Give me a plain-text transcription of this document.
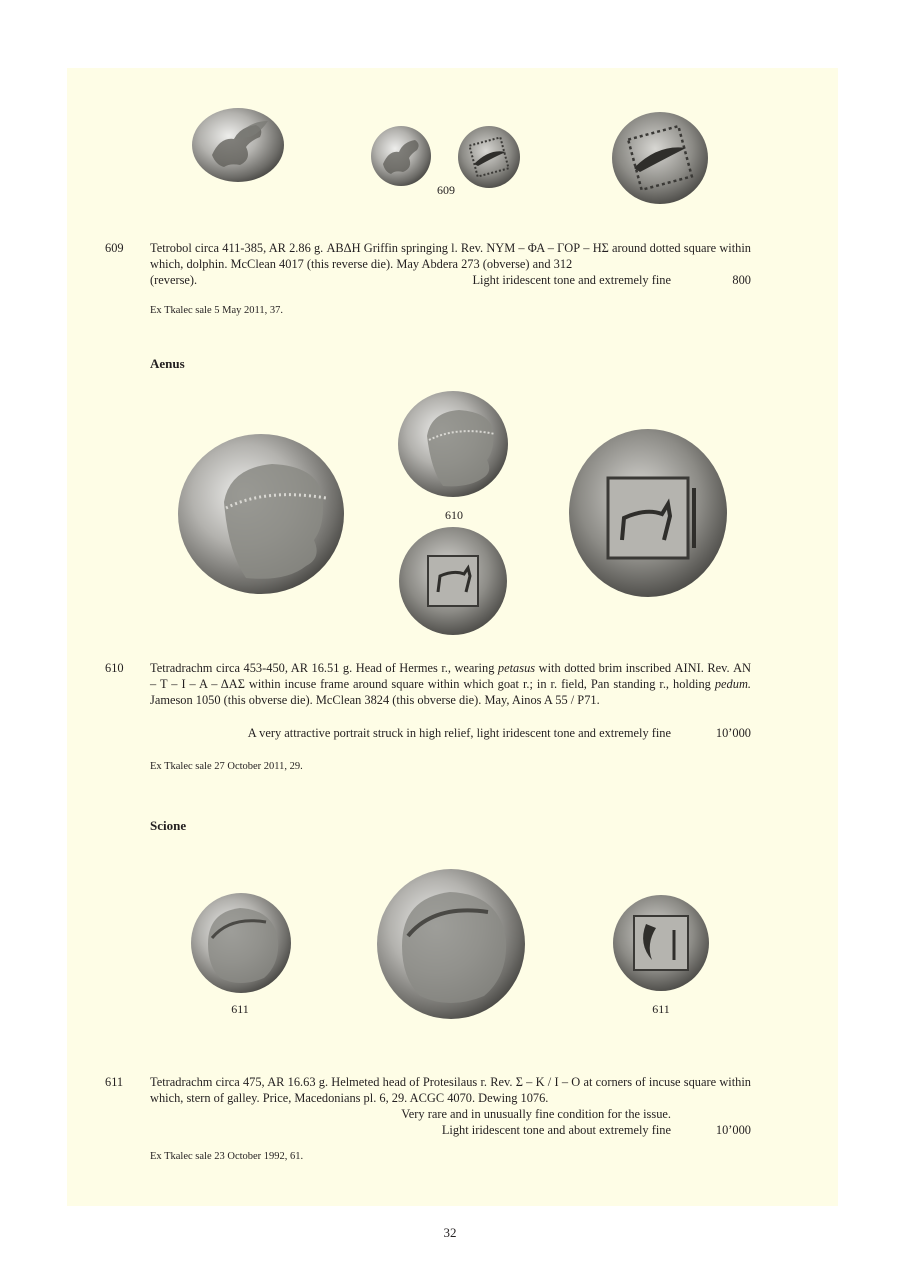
609
609 Tetrobol circa 411-385, AR 2.86 g. ΑΒΔΗ Griffin springing l. Rev. ΝΥΜ – ΦΑ – ΓΟΡ – ΗΣ around dotted square within which, dolphin. McClean 4017 (this reverse die). May Abdera 273 (obverse) and 312
(reverse).	Light iridescent tone and extremely fine	800
Ex Tkalec sale 5 May 2011, 37.
Aenus
610
610 Tetradrachm circa 453-450, AR 16.51 g. Head of Hermes r., wearing petasus with dotted brim inscribed ΑΙΝΙ. Rev. ΑΝ – Τ – Ι – Α – ΔΑΣ within incuse frame around square within which goat r.; in r. field, Pan standing r., holding pedum. Jameson 1050 (this obverse die). McClean 3824 (this obverse die). May, Ainos A 55 / P71.
A very attractive portrait struck in high relief, light iridescent tone and extremely fine	10’000
Ex Tkalec sale 27 October 2011, 29.
Scione
611	611
611 Tetradrachm circa 475, AR 16.63 g. Helmeted head of Protesilaus r. Rev. Σ – Κ / Ι – Ο at corners of incuse square within which, stern of galley. Price, Macedonians pl. 6, 29. ACGC 4070. Dewing 1076.
Very rare and in unusually fine condition for the issue.
Light iridescent tone and about extremely fine	10’000
Ex Tkalec sale 23 October 1992, 61.
32
